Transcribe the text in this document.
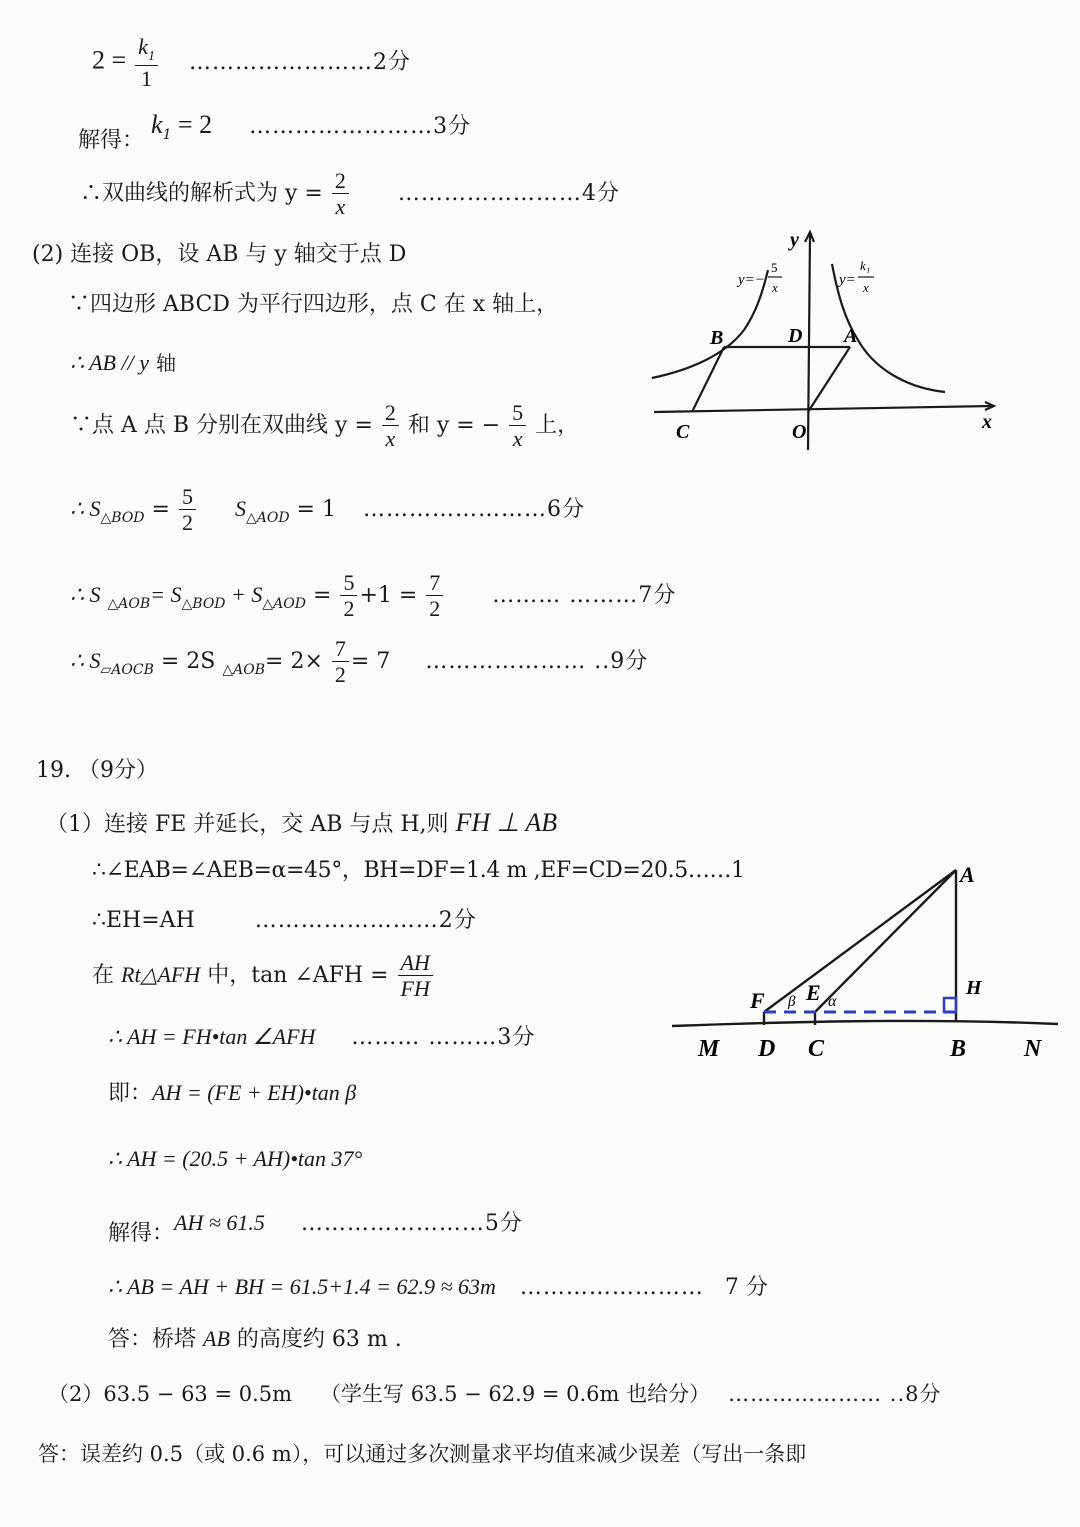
$2 = \frac{k_1}{1}$ ……………………2分
解得： $k_1 = 2$ ……………………3分
∴双曲线的解析式为 $y = \frac{2}{x}$ ……………………4分
(2) 连接 OB，设 AB 与 y 轴交于点 D
∵四边形 ABCD 为平行四边形，点 C 在 x 轴上，
∴ AB // y 轴
∵点 A 点 B 分别在双曲线 $y = \frac{2}{x}$ 和 y = − $\frac{5}{x}$ 上，
∴ $S_{\triangle BOD} = \frac{5}{2} S_{\triangle AOD} = 1$ ……………………6分
∴ S $_{\triangle AOB}= S_{\triangle BOD} + S_{\triangle AOD} = \frac{5}{2} +1 = \frac{7}{2}$ ……… ………7分
∴ $S_{▱AOCB} = 2S$ $_{\triangle AOB}= 2\times \frac{7}{2} = 7$ ………………… ..9分
y
x
y=−
5
x	y=
k₁
x
B	D A
C	O
19. （9分）
（1）连接 FE 并延长，交 AB 与点 H,则 FH ⊥ AB
∴∠EAB=∠AEB=α=45°，BH=DF=1.4 m ,EF=CD=20.5……1
∴EH=AH	……………………2分
在 Rt△AFH 中，tan ∠AFH = $\frac{AH}{FH}$
∴ AH = FH•tan ∠AFH ……… ………3分
即：AH = (FE + EH)•tan β
∴ AH = (20.5 + AH)•tan 37°
解得：AH ≈ 61.5 ……………………5分
∴ AB = AH + BH = 61.5+1.4 = 62.9 ≈ 63m …………………… 7 分
答：桥塔 AB 的高度约 63 m .
（2）63.5 − 63 = 0.5m （学生写 63.5 − 62.9 = 0.6m 也给分） ………………… ..8分
答：误差约 0.5（或 0.6 m），可以通过多次测量求平均值来减少误差（写出一条即
A
H
F β E α
M D C	B N
